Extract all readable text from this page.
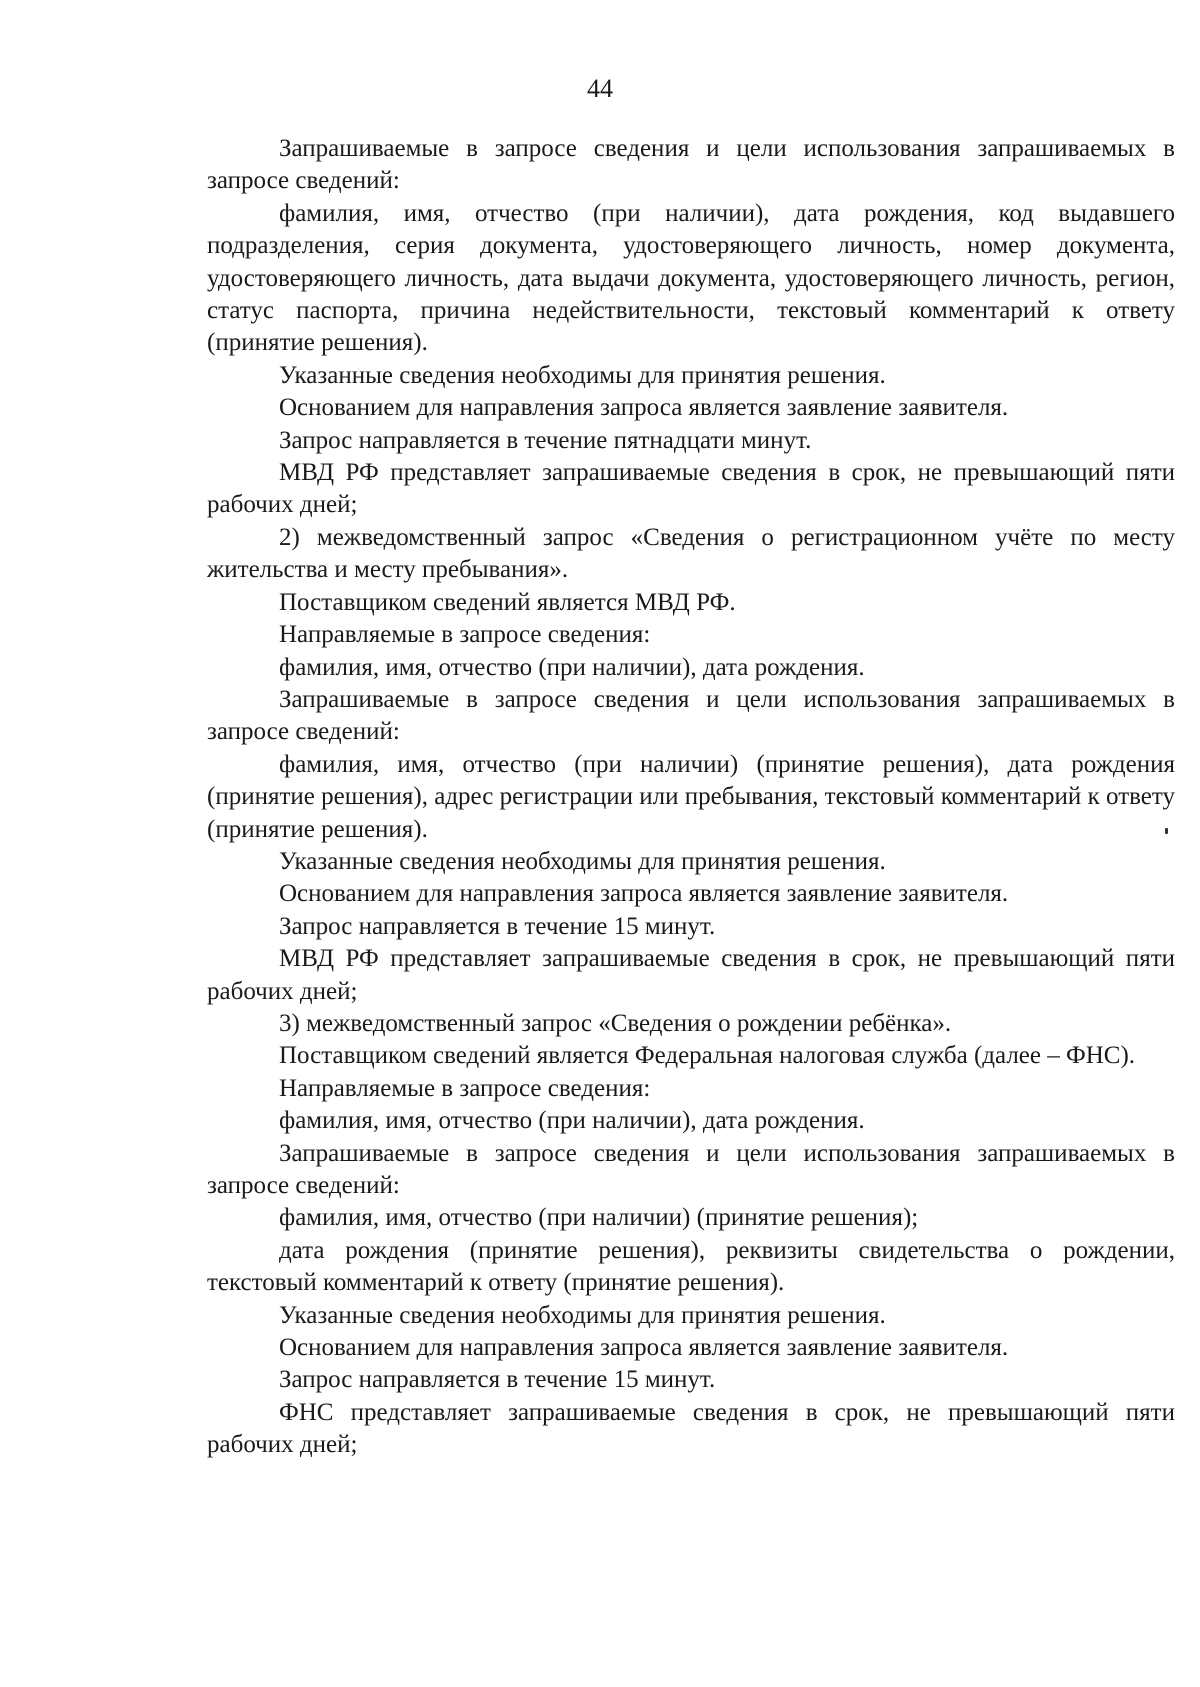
44

Запрашиваемые в запросе сведения и цели использования запрашиваемых в запросе сведений:

фамилия, имя, отчество (при наличии), дата рождения, код выдавшего подразделения, серия документа, удостоверяющего личность, номер документа, удостоверяющего личность, дата выдачи документа, удостоверяющего личность, регион, статус паспорта, причина недействительности, текстовый комментарий к ответу (принятие решения).

Указанные сведения необходимы для принятия решения.

Основанием для направления запроса является заявление заявителя.

Запрос направляется в течение пятнадцати минут.

МВД РФ представляет запрашиваемые сведения в срок, не превышающий пяти рабочих дней;

2) межведомственный запрос «Сведения о регистрационном учёте по месту жительства и месту пребывания».

Поставщиком сведений является МВД РФ.

Направляемые в запросе сведения:

фамилия, имя, отчество (при наличии), дата рождения.

Запрашиваемые в запросе сведения и цели использования запрашиваемых в запросе сведений:

фамилия, имя, отчество (при наличии) (принятие решения), дата рождения (принятие решения), адрес регистрации или пребывания, текстовый комментарий к ответу (принятие решения).

Указанные сведения необходимы для принятия решения.

Основанием для направления запроса является заявление заявителя.

Запрос направляется в течение 15 минут.

МВД РФ представляет запрашиваемые сведения в срок, не превышающий пяти рабочих дней;

3) межведомственный запрос «Сведения о рождении ребёнка».

Поставщиком сведений является Федеральная налоговая служба (далее – ФНС).

Направляемые в запросе сведения:

фамилия, имя, отчество (при наличии), дата рождения.

Запрашиваемые в запросе сведения и цели использования запрашиваемых в запросе сведений:

фамилия, имя, отчество (при наличии) (принятие решения);

дата рождения (принятие решения), реквизиты свидетельства о рождении, текстовый комментарий к ответу (принятие решения).

Указанные сведения необходимы для принятия решения.

Основанием для направления запроса является заявление заявителя.

Запрос направляется в течение 15 минут.

ФНС представляет запрашиваемые сведения в срок, не превышающий пяти рабочих дней;
